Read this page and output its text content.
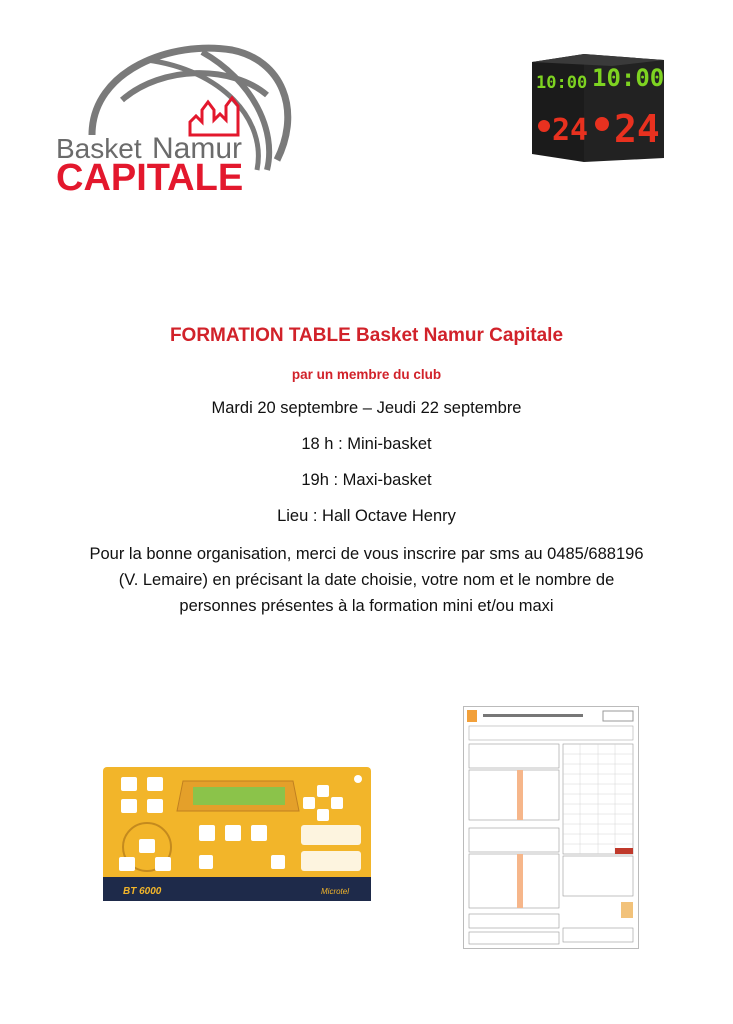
Basket Namur
CAPITALE
10:00 10:00
24 24
FORMATION TABLE Basket Namur Capitale
par un membre du club
Mardi 20 septembre – Jeudi 22 septembre
18 h : Mini-basket
19h : Maxi-basket
Lieu : Hall Octave Henry
Pour la bonne organisation, merci de vous inscrire par sms au 0485/688196
(V. Lemaire) en précisant la date choisie, votre nom et le nombre de
personnes présentes à la formation mini et/ou maxi
BT 6000	Microtel
